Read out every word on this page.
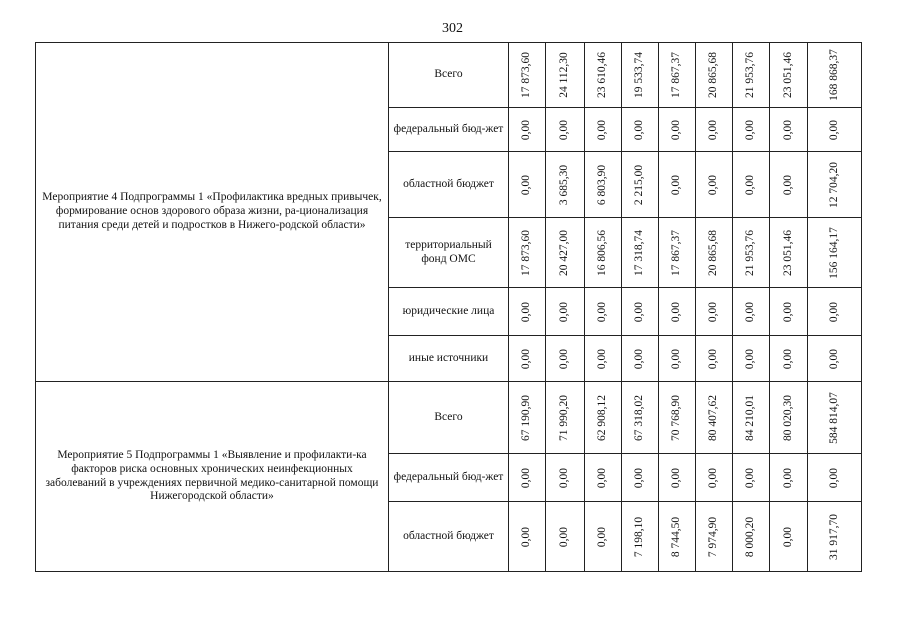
302
Мероприятие 4 Подпрограммы 1 «Профилактика вредных привычек, формирование основ здорового образа жизни, ра-ционализация питания среди детей и подростков в Нижего-родской области»	Всего	17 873,60	24 112,30	23 610,46	19 533,74	17 867,37	20 865,68	21 953,76	23 051,46	168 868,37

	федеральный бюд-жет	0,00	0,00	0,00	0,00	0,00	0,00	0,00	0,00	0,00

	областной бюджет	0,00	3 685,30	6 803,90	2 215,00	0,00	0,00	0,00	0,00	12 704,20

	территориальный фонд ОМС	17 873,60	20 427,00	16 806,56	17 318,74	17 867,37	20 865,68	21 953,76	23 051,46	156 164,17

	юридические лица	0,00	0,00	0,00	0,00	0,00	0,00	0,00	0,00	0,00

	иные источники	0,00	0,00	0,00	0,00	0,00	0,00	0,00	0,00	0,00

Мероприятие 5 Подпрограммы 1 «Выявление и профилакти-ка факторов риска основных хронических неинфекционных заболеваний в учреждениях первичной медико-санитарной помощи Нижегородской области»	Всего	67 190,90	71 990,20	62 908,12	67 318,02	70 768,90	80 407,62	84 210,01	80 020,30	584 814,07

	федеральный бюд-жет	0,00	0,00	0,00	0,00	0,00	0,00	0,00	0,00	0,00

	областной бюджет	0,00	0,00	0,00	7 198,10	8 744,50	7 974,90	8 000,20	0,00	31 917,70
